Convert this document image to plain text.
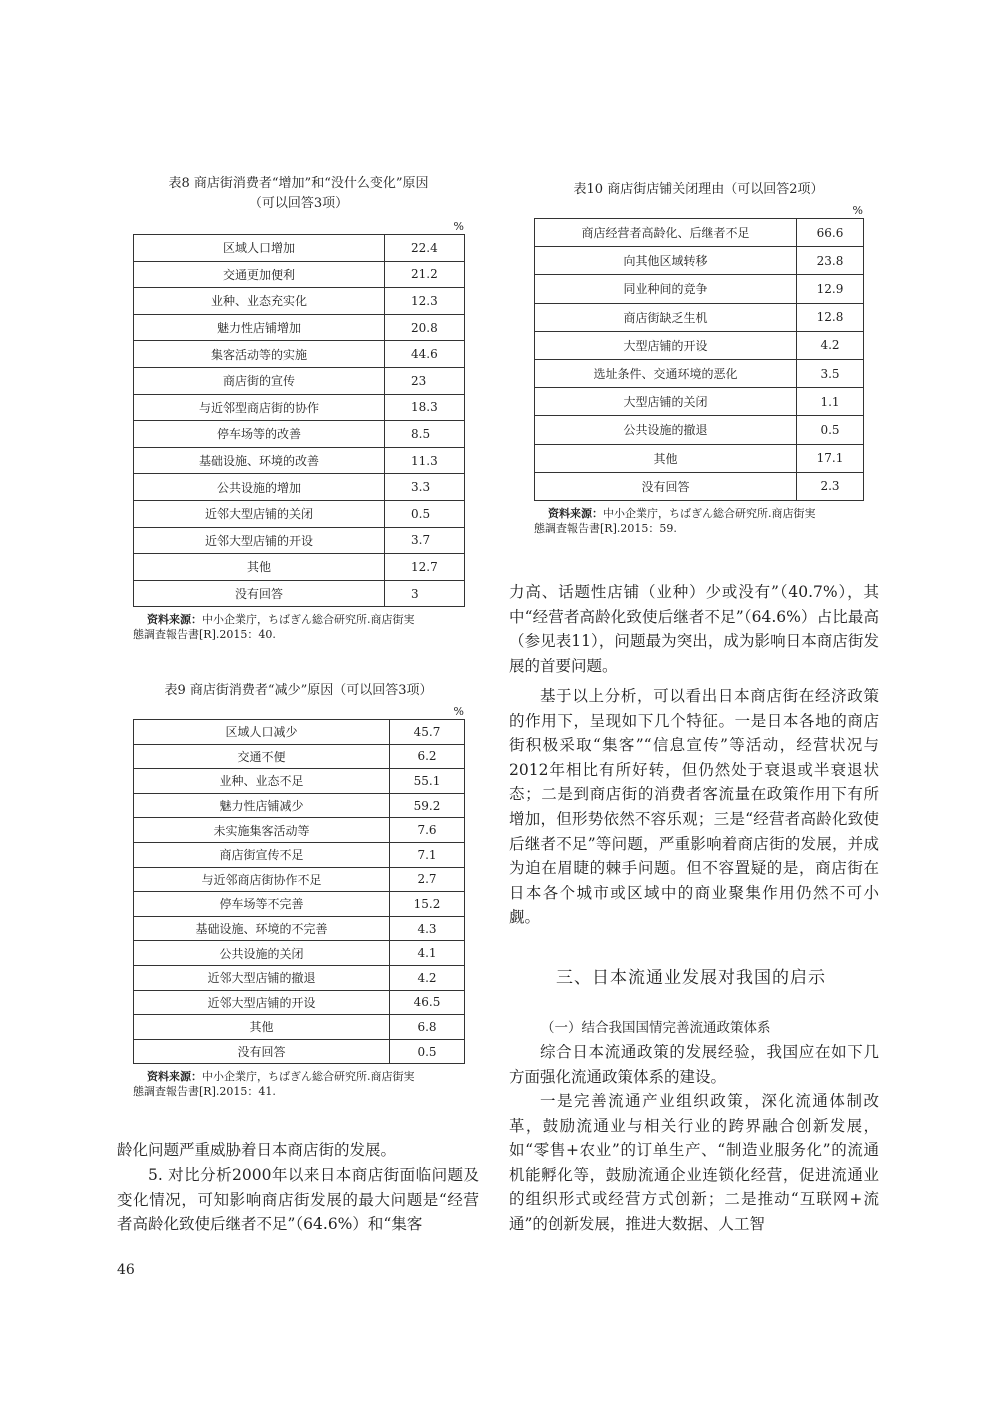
表8 商店街消费者“增加”和“没什么变化”原因
（可以回答3项）
%
区域人口增加	22.4
交通更加便利	21.2
业种、业态充实化	12.3
魅力性店铺增加	20.8
集客活动等的实施	44.6
商店街的宣传	23
与近邻型商店街的协作	18.3
停车场等的改善	8.5
基础设施、环境的改善	11.3
公共设施的增加	3.3
近邻大型店铺的关闭	0.5
近邻大型店铺的开设	3.7
其他	12.7
没有回答	3
资料来源：中小企業庁，ちばぎん総合研究所.商店街実
態調査報告書[R].2015：40.
表9 商店街消费者“减少”原因（可以回答3项）
%
区域人口减少	45.7
交通不便	6.2
业种、业态不足	55.1
魅力性店铺减少	59.2
未实施集客活动等	7.6
商店街宣传不足	7.1
与近邻商店街协作不足	2.7
停车场等不完善	15.2
基础设施、环境的不完善	4.3
公共设施的关闭	4.1
近邻大型店铺的撤退	4.2
近邻大型店铺的开设	46.5
其他	6.8
没有回答	0.5
资料来源：中小企業庁，ちばぎん総合研究所.商店街実
態調査報告書[R].2015：41.
表10 商店街店铺关闭理由（可以回答2项）
%
商店经营者高龄化、后继者不足	66.6
向其他区域转移	23.8
同业种间的竞争	12.9
商店街缺乏生机	12.8
大型店铺的开设	4.2
选址条件、交通环境的恶化	3.5
大型店铺的关闭	1.1
公共设施的撤退	0.5
其他	17.1
没有回答	2.3
资料来源：中小企業庁，ちばぎん総合研究所.商店街実
態調査報告書[R].2015：59.
龄化问题严重威胁着日本商店街的发展。
5. 对比分析2000年以来日本商店街面临问题及变化情况，可知影响商店街发展的最大问题是“经营者高龄化致使后继者不足”（64.6%）和“集客
力高、话题性店铺（业种）少或没有”（40.7%），其中“经营者高龄化致使后继者不足”（64.6%）占比最高（参见表11），问题最为突出，成为影响日本商店街发展的首要问题。
基于以上分析，可以看出日本商店街在经济政策的作用下，呈现如下几个特征。一是日本各地的商店街积极采取“集客”“信息宣传”等活动，经营状况与2012年相比有所好转，但仍然处于衰退或半衰退状态；二是到商店街的消费者客流量在政策作用下有所增加，但形势依然不容乐观；三是“经营者高龄化致使后继者不足”等问题，严重影响着商店街的发展，并成为迫在眉睫的棘手问题。但不容置疑的是，商店街在日本各个城市或区域中的商业聚集作用仍然不可小觑。
三、日本流通业发展对我国的启示
（一）结合我国国情完善流通政策体系
综合日本流通政策的发展经验，我国应在如下几方面强化流通政策体系的建设。
一是完善流通产业组织政策，深化流通体制改革，鼓励流通业与相关行业的跨界融合创新发展，如“零售+农业”的订单生产、“制造业服务化”的流通机能孵化等，鼓励流通企业连锁化经营，促进流通业的组织形式或经营方式创新；二是推动“互联网+流通”的创新发展，推进大数据、人工智
46
